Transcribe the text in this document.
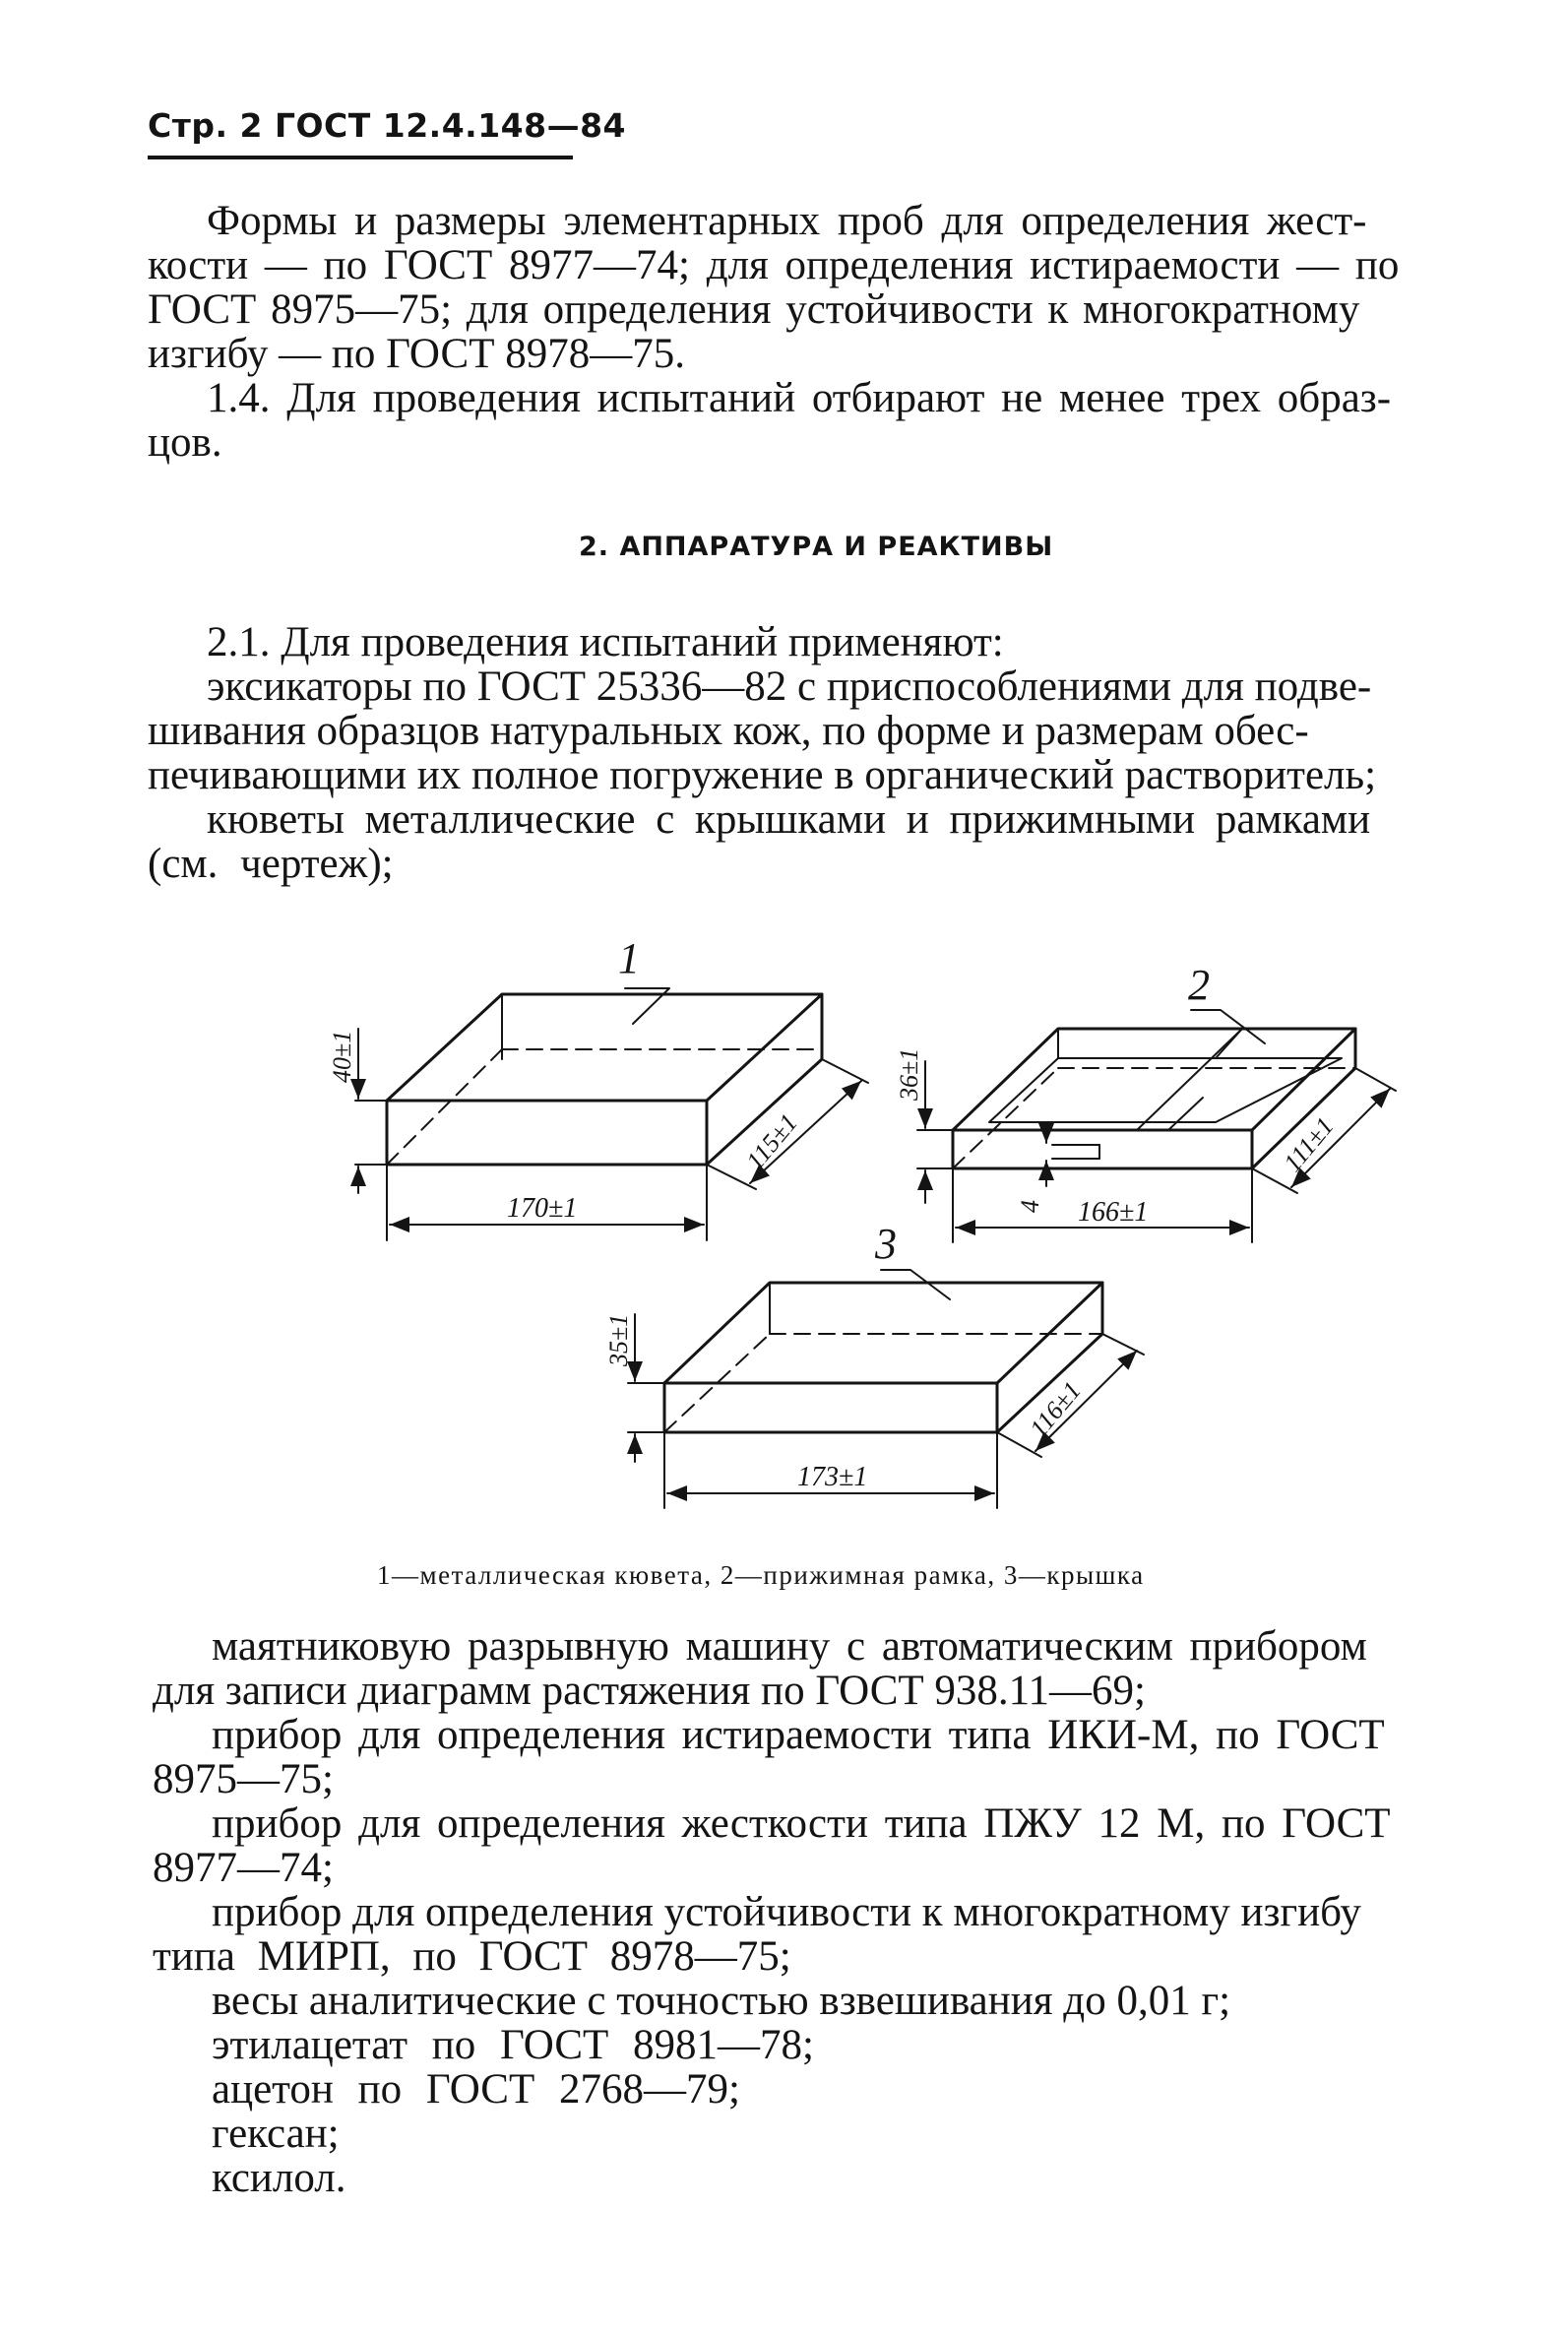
Стр. 2 ГОСТ 12.4.148—84
Формы и размеры элементарных проб для определения жест-
кости — по ГОСТ 8977—74; для определения истираемости — по
ГОСТ 8975—75; для определения устойчивости к многократному
изгибу — по ГОСТ 8978—75.
1.4. Для проведения испытаний отбирают не менее трех образ-
цов.
2. АППАРАТУРА И РЕАКТИВЫ
2.1. Для проведения испытаний применяют:
эксикаторы по ГОСТ 25336—82 с приспособлениями для подве-
шивания образцов натуральных кож, по форме и размерам обес-
печивающими их полное погружение в органический растворитель;
кюветы металлические с крышками и прижимными рамками
(см. чертеж);
1
40±1
170±1
115±1
2
36±1
4 166±1
111±1
3
35±1
173±1
116±1
1—металлическая кювета, 2—прижимная рамка, 3—крышка
маятниковую разрывную машину с автоматическим прибором
для записи диаграмм растяжения по ГОСТ 938.11—69;
прибор для определения истираемости типа ИКИ-М, по ГОСТ
8975—75;
прибор для определения жесткости типа ПЖУ 12 М, по ГОСТ
8977—74;
прибор для определения устойчивости к многократному изгибу
типа МИРП, по ГОСТ 8978—75;
весы аналитические с точностью взвешивания до 0,01 г;
этилацетат по ГОСТ 8981—78;
ацетон по ГОСТ 2768—79;
гексан;
ксилол.
